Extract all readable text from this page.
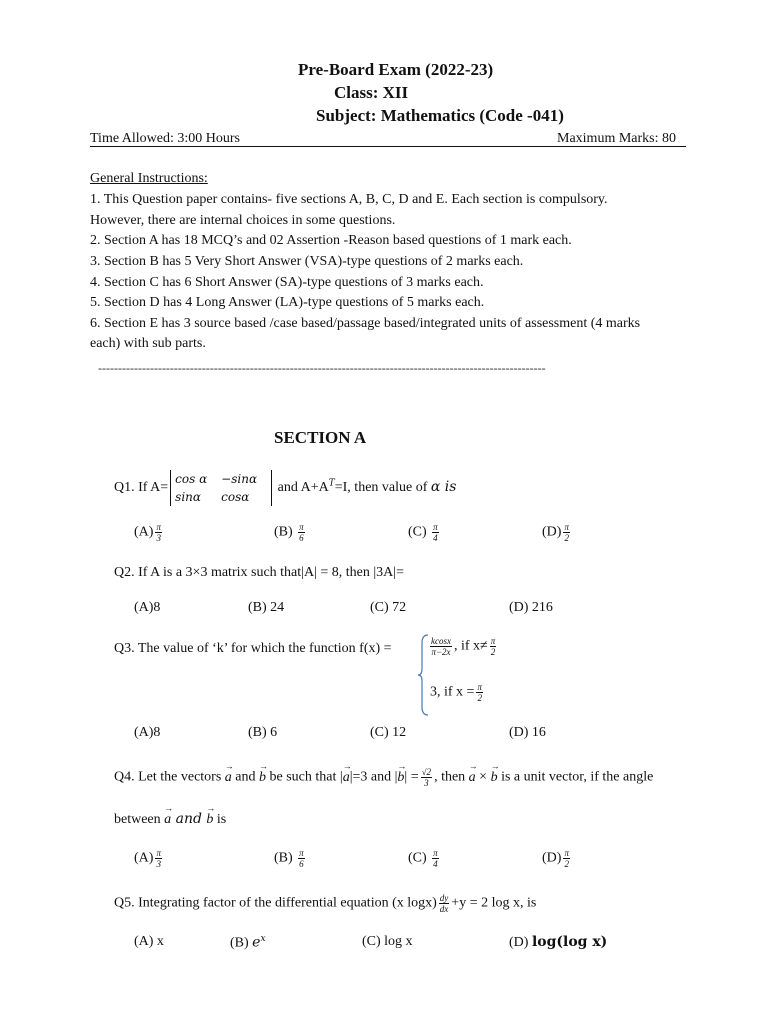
Pre-Board Exam (2022-23)
Class: XII
Subject: Mathematics (Code -041)
Time Allowed: 3:00 Hours	Maximum Marks: 80
General Instructions:
1. This Question paper contains- five sections A, B, C, D and E. Each section is compulsory.
However, there are internal choices in some questions.
2. Section A has 18 MCQ’s and 02 Assertion -Reason based questions of 1 mark each.
3. Section B has 5 Very Short Answer (VSA)-type questions of 2 marks each.
4. Section C has 6 Short Answer (SA)-type questions of 3 marks each.
5. Section D has 4 Long Answer (LA)-type questions of 5 marks each.
6. Section E has 3 source based /case based/passage based/integrated units of assessment (4 marks
each) with sub parts.
----------------------------------------------------------------------------------------------------------------
SECTION A
Q1. If A=
cos α −sinα
sinα cosα
and $A+A^T=I$, then value of α is
$(A) \frac{\pi}{3}$	$(B) \frac{\pi}{6}$	$(C) \frac{\pi}{4}$	$(D) \frac{\pi}{2}$
Q2. If A is a 3×3 matrix such that|A| = 8, then |3A|=
(A)8	(B) 24	(C) 72	(D) 216
Q3. The value of ‘k’ for which the function f(x) =	$\frac{kcosx}{\pi-2x}$ , if $x\ne \frac{\pi}{2}$
3, if $x = \frac{\pi}{2}$
(A)8	(B) 6	(C) 12	(D) 16
Q4. Let the vectors → a and → b be such that |→ a|=3 and |→ $b| = \frac{√2}{3}$ , then → a × → b is a unit vector, if the angle
between → a and → b is
$(A) \frac{\pi}{3}$	$(B) \frac{\pi}{6}$	$(C) \frac{\pi}{4}$	$(D) \frac{\pi}{2}$
Q5. Integrating factor of the differential equation (x $\log x) \frac{dy}{dx} +y = 2$ log x, is
(A) x	(B) $e^x$	(C) log x	(D) log(log x)
